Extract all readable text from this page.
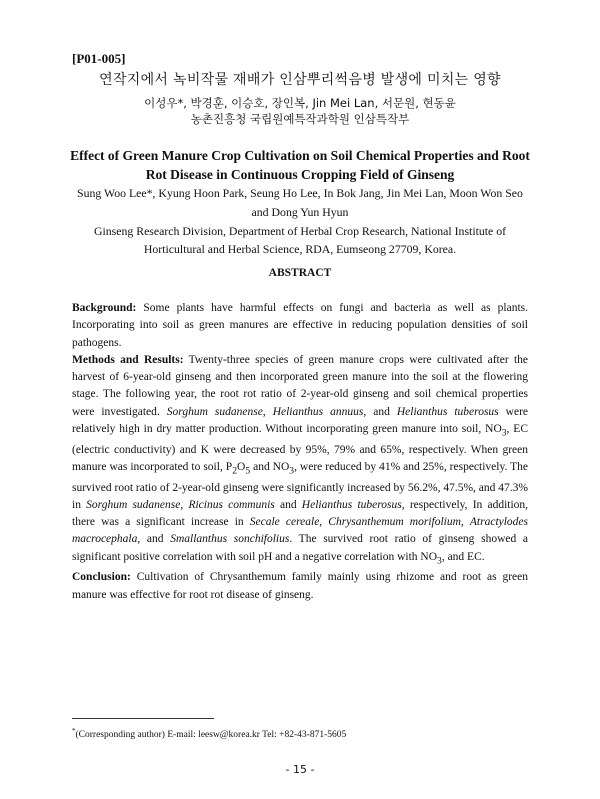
[P01-005]
연작지에서 녹비작물 재배가 인삼뿌리썩음병 발생에 미치는 영향
이성우*, 박경훈, 이승호, 장인복, Jin Mei Lan, 서문원, 현동윤
농촌진흥청 국립원예특작과학원 인삼특작부
Effect of Green Manure Crop Cultivation on Soil Chemical Properties and Root Rot Disease in Continuous Cropping Field of Ginseng
Sung Woo Lee*, Kyung Hoon Park, Seung Ho Lee, In Bok Jang, Jin Mei Lan, Moon Won Seo and Dong Yun Hyun
Ginseng Research Division, Department of Herbal Crop Research, National Institute of Horticultural and Herbal Science, RDA, Eumseong 27709, Korea.
ABSTRACT

Background: Some plants have harmful effects on fungi and bacteria as well as plants. Incorporating into soil as green manures are effective in reducing population densities of soil pathogens.

Methods and Results: Twenty-three species of green manure crops were cultivated after the harvest of 6-year-old ginseng and then incorporated green manure into the soil at the flowering stage. The following year, the root rot ratio of 2-year-old ginseng and soil chemical properties were investigated. Sorghum sudanense, Helianthus annuus, and Helianthus tuberosus were relatively high in dry matter production. Without incorporating green manure into soil, $NO_3$, EC (electric conductivity) and K were decreased by 95%, 79% and 65%, respectively. When green manure was incorporated to soil, $P_2O_5$ and $NO_3$, were reduced by 41% and 25%, respectively. The survived root ratio of 2-year-old ginseng were significantly increased by 56.2%, 47.5%, and 47.3% in Sorghum sudanense, Ricinus communis and Helianthus tuberosus, respectively, In addition, there was a significant increase in Secale cereale, Chrysanthemum morifolium, Atractylodes macrocephala, and Smallanthus sonchifolius. The survived root ratio of ginseng showed a significant positive correlation with soil pH and a negative correlation with $NO_3$, and EC.

Conclusion: Cultivation of Chrysanthemum family mainly using rhizome and root as green manure was effective for root rot disease of ginseng.

*(Corresponding author) E-mail: leesw@korea.kr Tel: +82-43-871-5605
- 15 -
